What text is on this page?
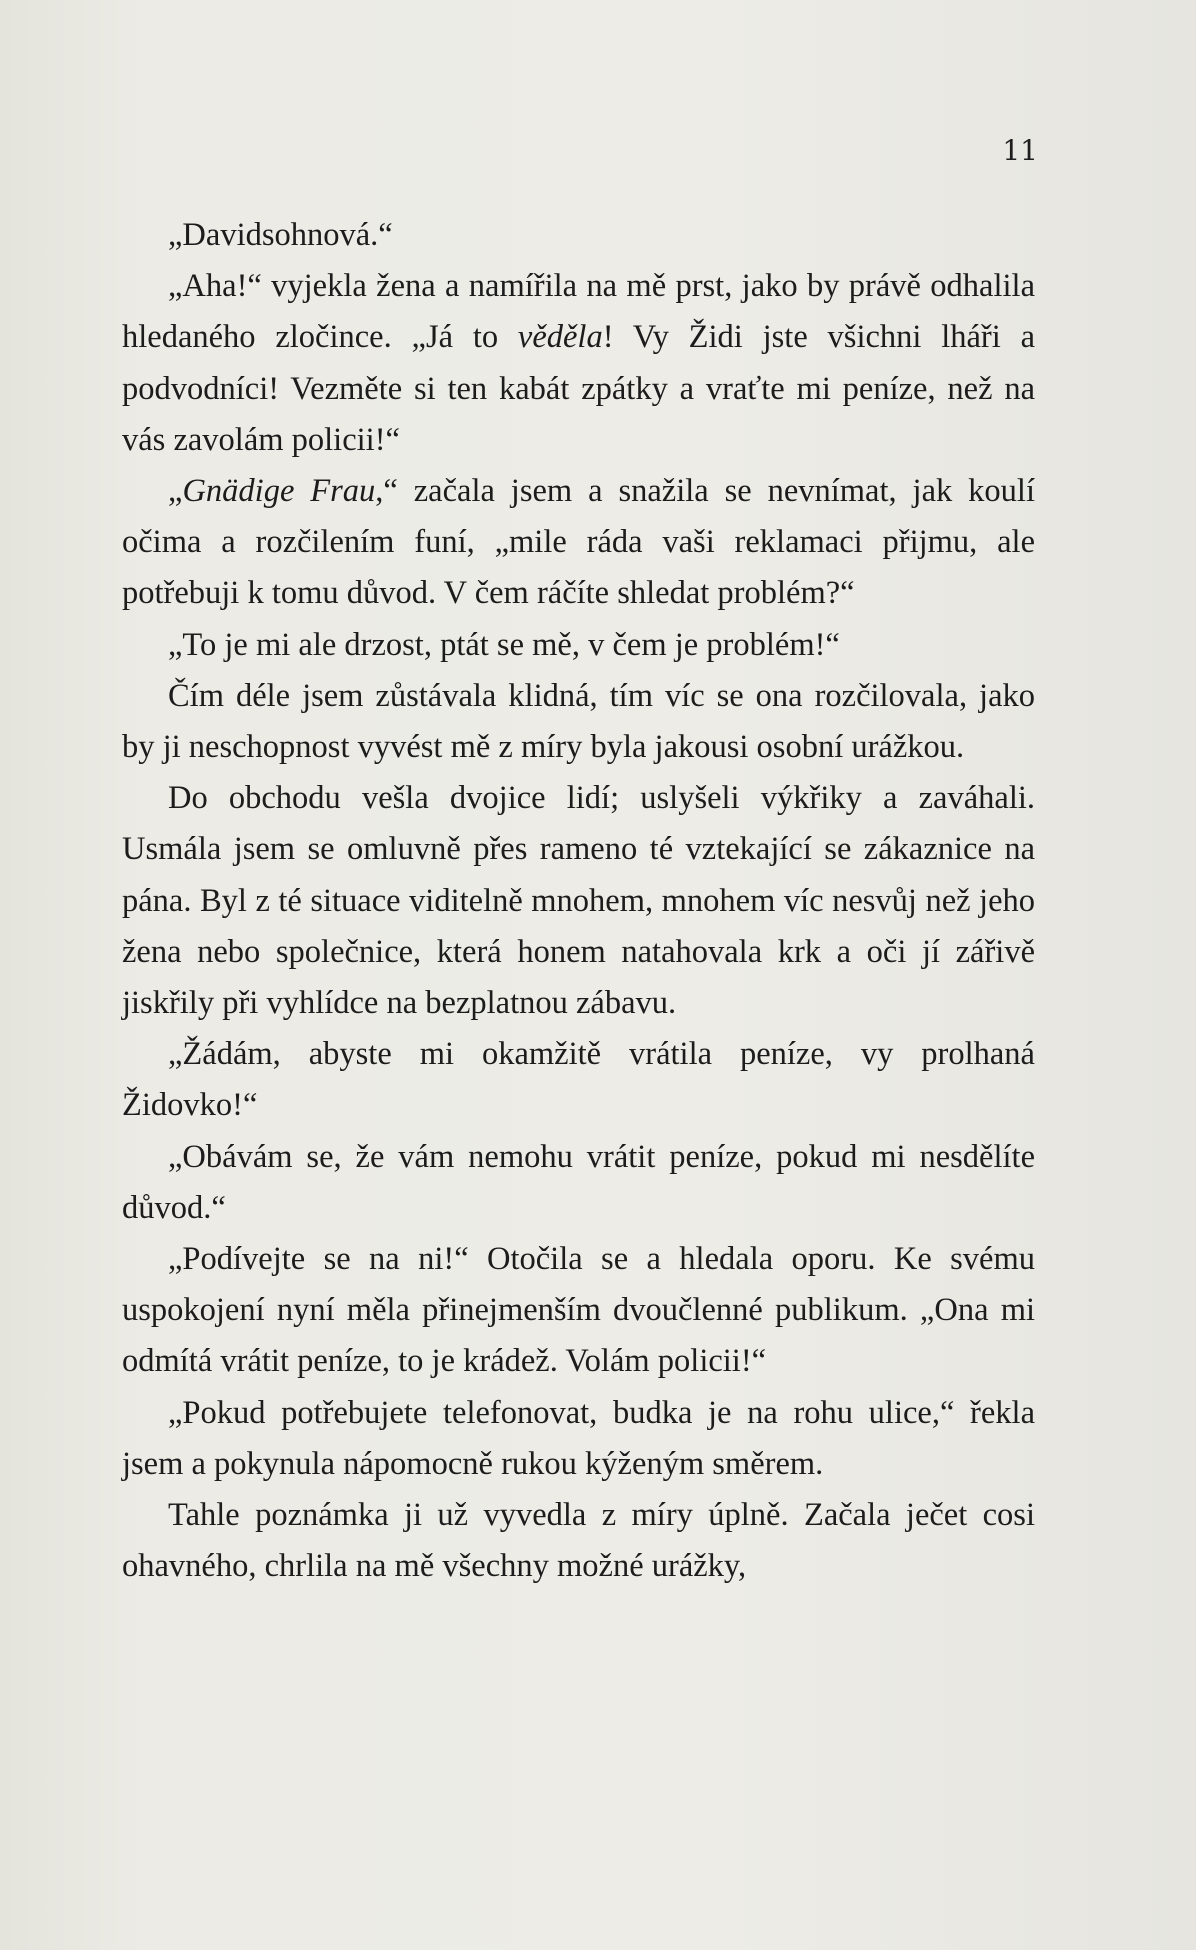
11

„Davidsohnová.“

„Aha!“ vyjekla žena a namířila na mě prst, jako by právě odhalila hledaného zločince. „Já to věděla! Vy Židi jste všichni lháři a podvodníci! Vezměte si ten kabát zpátky a vraťte mi peníze, než na vás zavolám policii!“

„Gnädige Frau,“ začala jsem a snažila se nevnímat, jak koulí očima a rozčilením funí, „mile ráda vaši reklamaci přijmu, ale potřebuji k tomu důvod. V čem ráčíte shledat problém?“

„To je mi ale drzost, ptát se mě, v čem je problém!“

Čím déle jsem zůstávala klidná, tím víc se ona rozčilovala, jako by ji neschopnost vyvést mě z míry byla jakousi osobní urážkou.

Do obchodu vešla dvojice lidí; uslyšeli výkřiky a zaváhali. Usmála jsem se omluvně přes rameno té vztekající se zákaznice na pána. Byl z té situace viditelně mnohem, mnohem víc nesvůj než jeho žena nebo společnice, která honem natahovala krk a oči jí zářivě jiskřily při vyhlídce na bezplatnou zábavu.

„Žádám, abyste mi okamžitě vrátila peníze, vy prolhaná Židovko!“

„Obávám se, že vám nemohu vrátit peníze, pokud mi nesdělíte důvod.“

„Podívejte se na ni!“ Otočila se a hledala oporu. Ke svému uspokojení nyní měla přinejmenším dvoučlenné publikum. „Ona mi odmítá vrátit peníze, to je krádež. Volám policii!“

„Pokud potřebujete telefonovat, budka je na rohu ulice,“ řekla jsem a pokynula nápomocně rukou kýženým směrem.

Tahle poznámka ji už vyvedla z míry úplně. Začala ječet cosi ohavného, chrlila na mě všechny možné urážky,
